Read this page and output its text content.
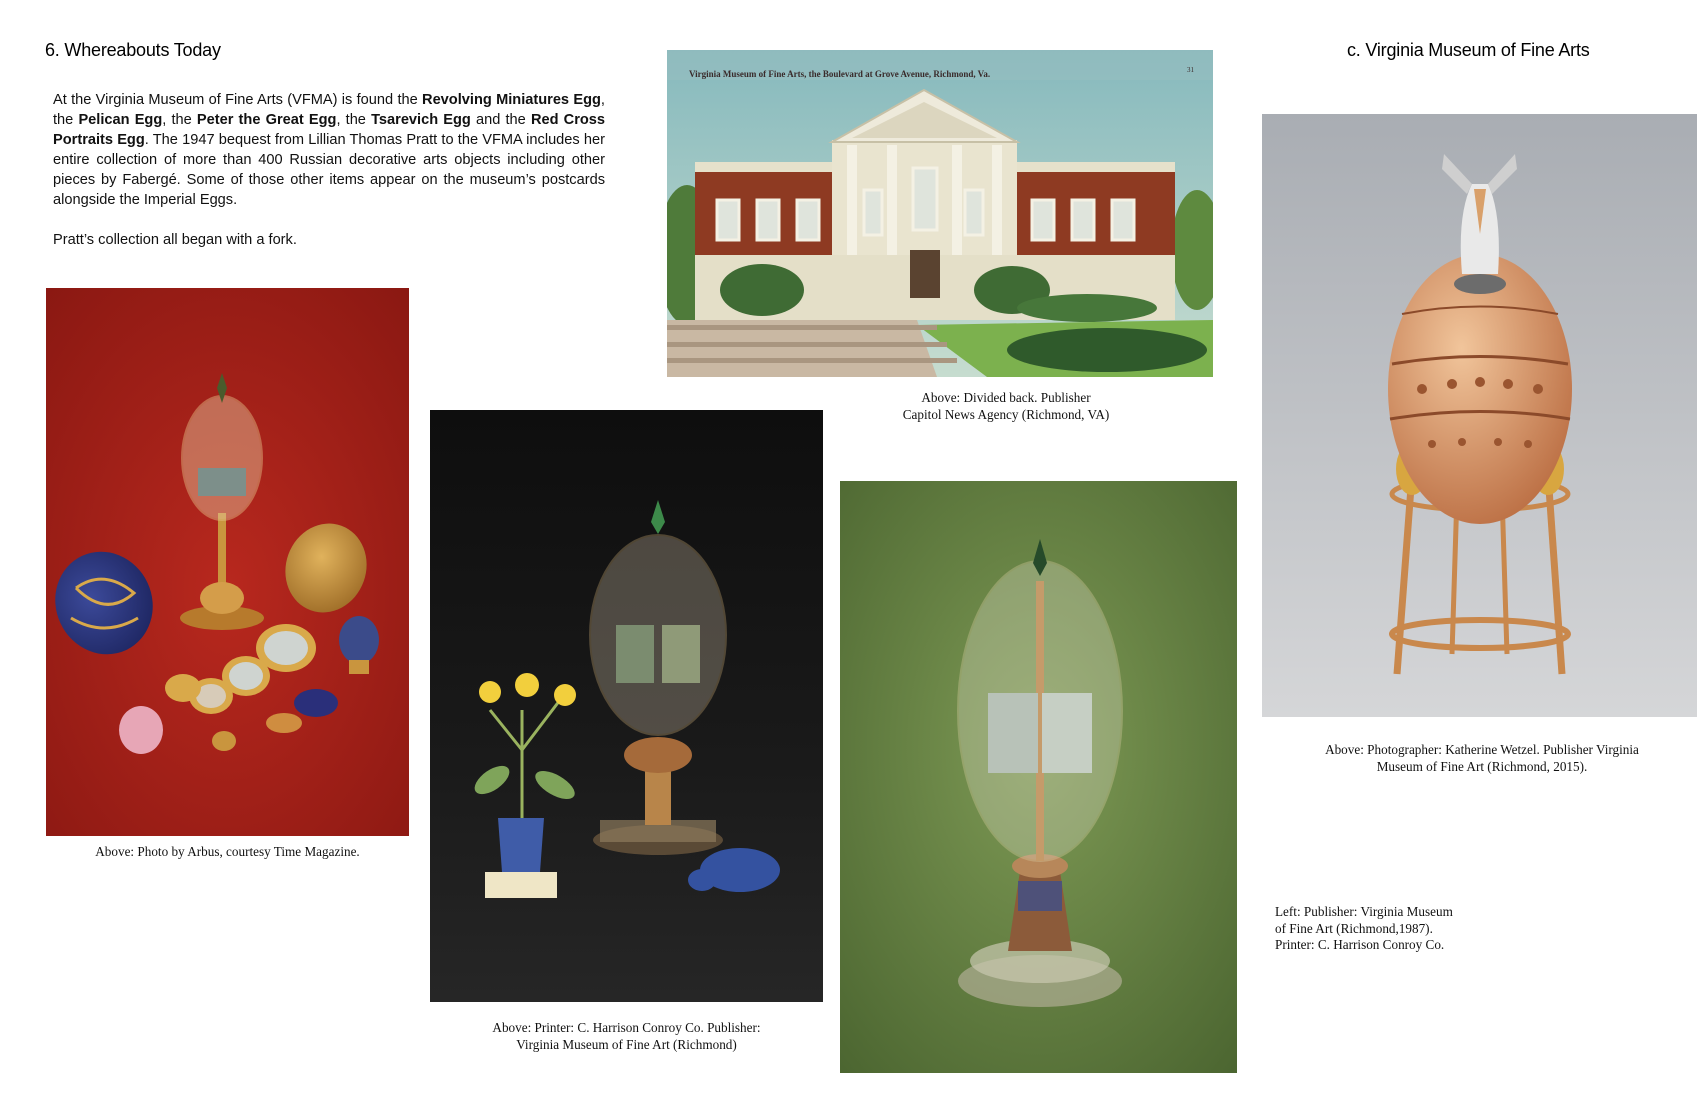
6. Whereabouts Today	c. Virginia Museum of Fine Arts
At the Virginia Museum of Fine Arts (VFMA) is found the Revolving Miniatures Egg, the Pelican Egg, the Peter the Great Egg, the Tsarevich Egg and the Red Cross Portraits Egg. The 1947 bequest from Lillian Thomas Pratt to the VFMA includes her entire collection of more than 400 Russian decorative arts objects including other pieces by Fabergé. Some of those other items appear on the museum’s postcards alongside the Imperial Eggs.
Pratt’s collection all began with a fork.
Virginia Museum of Fine Arts, the Boulevard at Grove Avenue, Richmond, Va.	31
Above: Divided back. Publisher
Capitol News Agency (Richmond, VA)
Above: Photo by Arbus, courtesy Time Magazine.
Above: Printer: C. Harrison Conroy Co. Publisher:
Virginia Museum of Fine Art (Richmond)
Above: Photographer: Katherine Wetzel. Publisher Virginia
Museum of Fine Art (Richmond, 2015).
Left: Publisher: Virginia Museum
of Fine Art (Richmond,1987).
Printer: C. Harrison Conroy Co.
